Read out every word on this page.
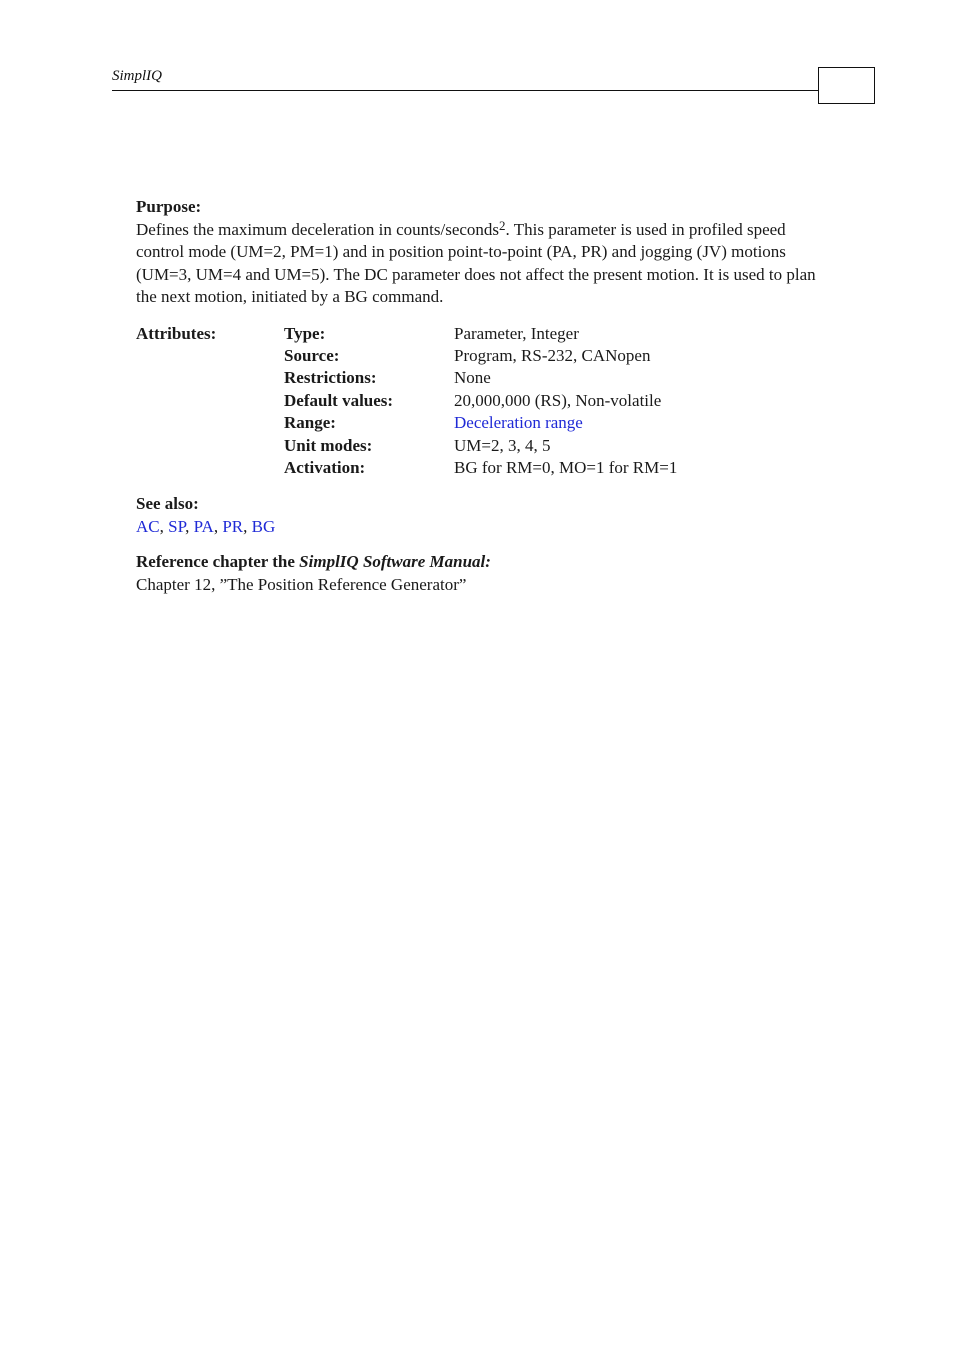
SimplIQ

Purpose:

Defines the maximum deceleration in counts/seconds$^2$. This parameter is used in profiled speed control mode (UM=2, PM=1) and in position point-to-point (PA, PR) and jogging (JV) motions (UM=3, UM=4 and UM=5). The DC parameter does not affect the present motion. It is used to plan the next motion, initiated by a BG command.

Attributes:	Type:	Parameter, Integer
	Source:	Program, RS-232, CANopen
	Restrictions:	None
	Default values:	20,000,000 (RS), Non-volatile
	Range:	Deceleration range
	Unit modes:	UM=2, 3, 4, 5
	Activation:	BG for RM=0, MO=1 for RM=1

See also:

AC, SP, PA, PR, BG

Reference chapter the SimplIQ Software Manual:

Chapter 12, ”The Position Reference Generator”
